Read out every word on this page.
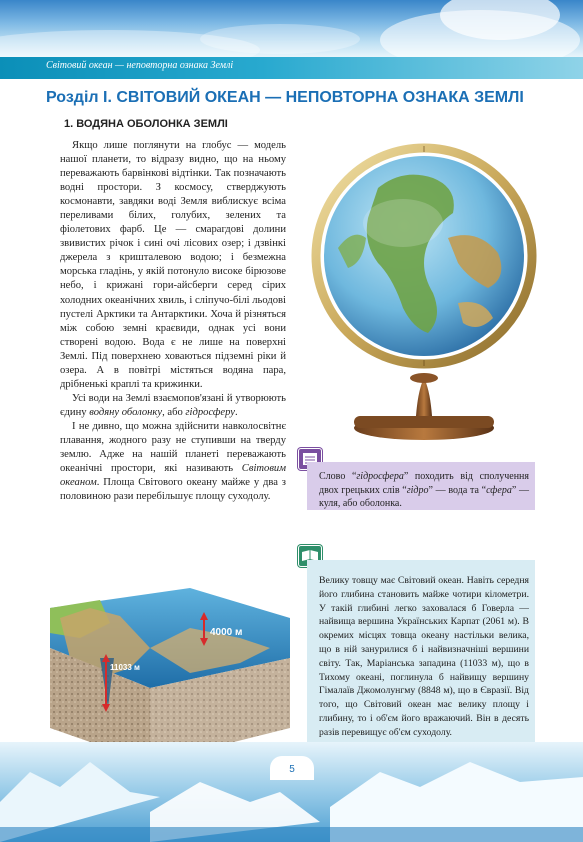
Світовий океан — неповторна ознака Землі
Розділ І. СВІТОВИЙ ОКЕАН — НЕПОВТОРНА ОЗНАКА ЗЕМЛІ
1. ВОДЯНА ОБОЛОНКА ЗЕМЛІ

Якщо лише поглянути на глобус — модель нашої планети, то відразу видно, що на ньому переважають барвінкові відтінки. Так позначають водні простори. З космосу, стверджують космонавти, завдяки воді Земля виблискує всіма переливами білих, голубих, зелених та фіолетових фарб. Це — смарагдові долини звивистих річок і сині очі лісових озер; і дзвінкі джерела з кришталевою водою; і безмежна морська гладінь, у якій потонуло високе бірюзове небо, і крижані гори-айсберги серед сірих холодних океанічних хвиль, і сліпучо-білі льодові пустелі Арктики та Антарктики. Хоча й різняться між собою земні краєвиди, однак усі вони створені водою. Вода є не лише на поверхні Землі. Під поверхнею ховаються підземні ріки й озера. А в повітрі містяться водяна пара, дрібненькі краплі та крижинки.

Усі води на Землі взаємопов'язані й утворюють єдину водяну оболонку, або гідросферу.

І не дивно, що можна здійснити навколосвітнє плавання, жодного разу не ступивши на тверду землю. Адже на нашій планеті переважають океанічні простори, які називають Світовим океаном. Площа Світового океану майже у два з половиною рази перебільшує площу суходолу.

Слово “гідросфера” походить від сполучення двох грецьких слів “гідро” — вода та “сфера” — куля, або оболонка.
Велику товщу має Світовий океан. Навіть середня його глибина становить майже чотири кілометри. У такій глибині легко заховалася б Говерла — найвища вершина Українських Карпат (2061 м). В окремих місцях товща океану настільки велика, що в ній занурилися б і найвизначніші вершини світу. Так, Маріанська западина (11033 м), що в Тихому океані, поглинула б найвищу вершину Гімалаїв Джомолунгму (8848 м), що в Євразії. Від того, що Світовий океан має велику площу і глибину, то і об'єм його вражаючий. Він в десять разів перевищує об'єм суходолу.
4000 м
11033 м
5
